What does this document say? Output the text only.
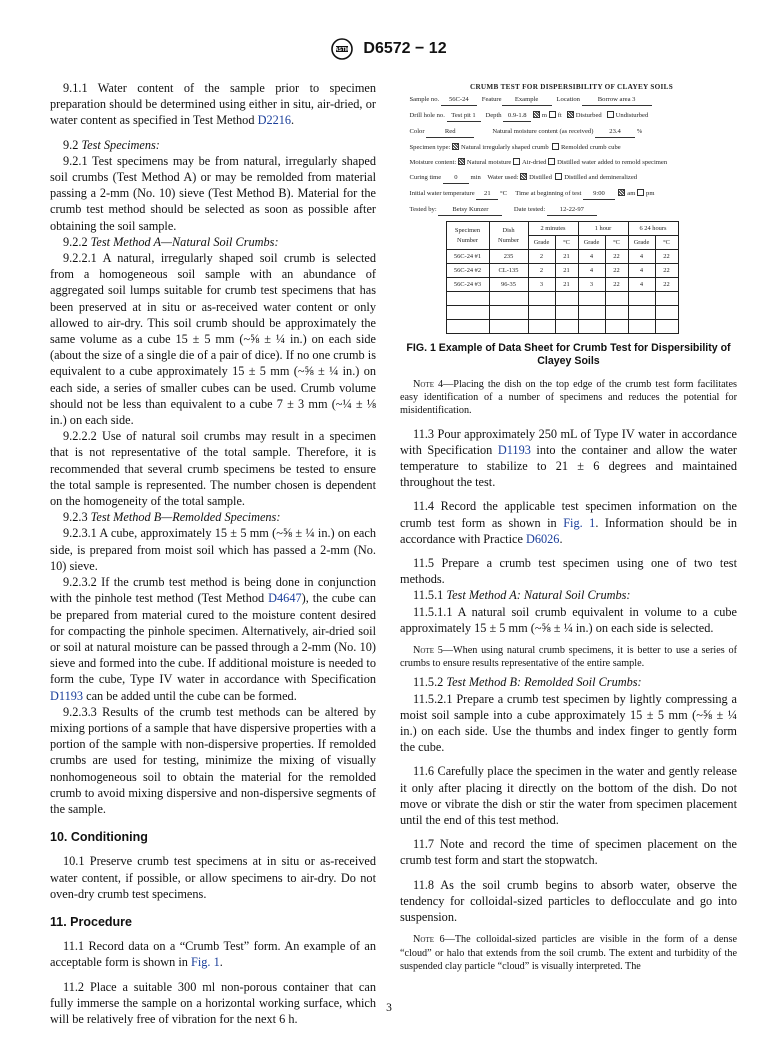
ASTM D6572 − 12

9.1.1 Water content of the sample prior to specimen preparation should be determined using either in situ, air-dried, or water content as specified in Test Method D2216.

9.2 Test Specimens:

9.2.1 Test specimens may be from natural, irregularly shaped soil crumbs (Test Method A) or may be remolded from material passing a 2-mm (No. 10) sieve (Test Method B). Material for the crumb test method should be selected as soon as possible after obtaining the soil sample.

9.2.2 Test Method A—Natural Soil Crumbs:

9.2.2.1 A natural, irregularly shaped soil crumb is selected from a homogeneous soil sample with an abundance of aggregated soil lumps suitable for crumb test specimens that has been preserved at in situ or as-received water content or only allowed to air-dry. This soil crumb should be approximately the same volume as a cube 15 ± 5 mm (~⅝ ± ¼ in.) on each side (about the size of a single die of a pair of dice). If no one crumb is equivalent to a cube approximately 15 ± 5 mm (~⅝ ± ¼ in.) on each side, a series of smaller cubes can be used. Crumb volume should not be less than equivalent to a cube 7 ± 3 mm (~¼ ± ⅛ in.) on each side.

9.2.2.2 Use of natural soil crumbs may result in a specimen that is not representative of the total sample. Therefore, it is recommended that several crumb specimens be tested to ensure the total sample is represented. The number chosen is dependent on the homogeneity of the total sample.

9.2.3 Test Method B—Remolded Specimens:

9.2.3.1 A cube, approximately 15 ± 5 mm (~⅝ ± ¼ in.) on each side, is prepared from moist soil which has passed a 2-mm (No. 10) sieve.

9.2.3.2 If the crumb test method is being done in conjunction with the pinhole test method (Test Method D4647), the cube can be prepared from material cured to the moisture content desired for compacting the pinhole specimen. Alternatively, air-dried soil or soil at natural moisture can be passed through a 2-mm (No. 10) sieve and formed into the cube. If additional moisture is needed to form the cube, Type IV water in accordance with Specification D1193 can be added until the cube can be formed.

9.2.3.3 Results of the crumb test methods can be altered by mixing portions of a sample that have dispersive properties with a portion of the sample with non-dispersive properties. If remolded crumbs are used for testing, minimize the mixing of visually nonhomogeneous soil to obtain the material for the remolded crumb to avoid mixing dispersive and non-dispersive segments of the sample.

10. Conditioning

10.1 Preserve crumb test specimens at in situ or as-received water content, if possible, or allow specimens to air-dry. Do not oven-dry crumb test specimens.

11. Procedure

11.1 Record data on a “Crumb Test” form. An example of an acceptable form is shown in Fig. 1.

11.2 Place a suitable 300 ml non-porous container that can fully immerse the sample on a horizontal working surface, which will be relatively free of vibration for the next 6 h.

CRUMB TEST FOR DISPERSIBILITY OF CLAYEY SOILS
Sample no. 56C-24 Feature Example	Location	Borrow area 3
Drill hole no. Test pit 1 Depth 0.9-1.8 m ft Disturbed Undisturbed
Color	Red	Natural moisture content (as received) 23.4 %
Specimen type: Natural irregularly shaped crumb Remolded crumb cube
Moisture content: Natural moisture Air-dried Distilled water added to remold specimen
Curing time 0 min Water used: Distilled Distilled and demineralized
Initial water temperature 21 °C Time at beginning of test 9:00	am pm
Tested by: Betsy Kunzer	Date tested: 12-22-97
Specimen Number	Dish Number	2 minutes		1 hour		6 24 hours	
		Grade	°C	Grade	°C	Grade	°C
56C-24 #1	235	2	21	4	22	4	22
56C-24 #2	CL-135	2	21	4	22	4	22
56C-24 #3	96-35	3	21	3	22	4	22

FIG. 1 Example of Data Sheet for Crumb Test for Dispersibility of Clayey Soils

Note 4—Placing the dish on the top edge of the crumb test form facilitates easy identification of a number of specimens and reduces the potential for misidentification.

11.3 Pour approximately 250 mL of Type IV water in accordance with Specification D1193 into the container and allow the water temperature to stabilize to 21 ± 6 degrees and maintained throughout the test.

11.4 Record the applicable test specimen information on the crumb test form as shown in Fig. 1. Information should be in accordance with Practice D6026.

11.5 Prepare a crumb test specimen using one of two test methods.

11.5.1 Test Method A: Natural Soil Crumbs:

11.5.1.1 A natural soil crumb equivalent in volume to a cube approximately 15 ± 5 mm (~⅝ ± ¼ in.) on each side is selected.

Note 5—When using natural crumb specimens, it is better to use a series of crumbs to ensure results representative of the entire sample.

11.5.2 Test Method B: Remolded Soil Crumbs:

11.5.2.1 Prepare a crumb test specimen by lightly compressing a moist soil sample into a cube approximately 15 ± 5 mm (~⅝ ± ¼ in.) on each side. Use the thumbs and index finger to gently form the cube.

11.6 Carefully place the specimen in the water and gently release it only after placing it directly on the bottom of the dish. Do not move or vibrate the dish or stir the water from specimen placement until the end of this test method.

11.7 Note and record the time of specimen placement on the crumb test form and start the stopwatch.

11.8 As the soil crumb begins to absorb water, observe the tendency for colloidal-sized particles to deflocculate and go into suspension.

Note 6—The colloidal-sized particles are visible in the form of a dense “cloud” or halo that extends from the soil crumb. The extent and turbidity of the suspended clay particle “cloud” is visually interpreted. The

3
